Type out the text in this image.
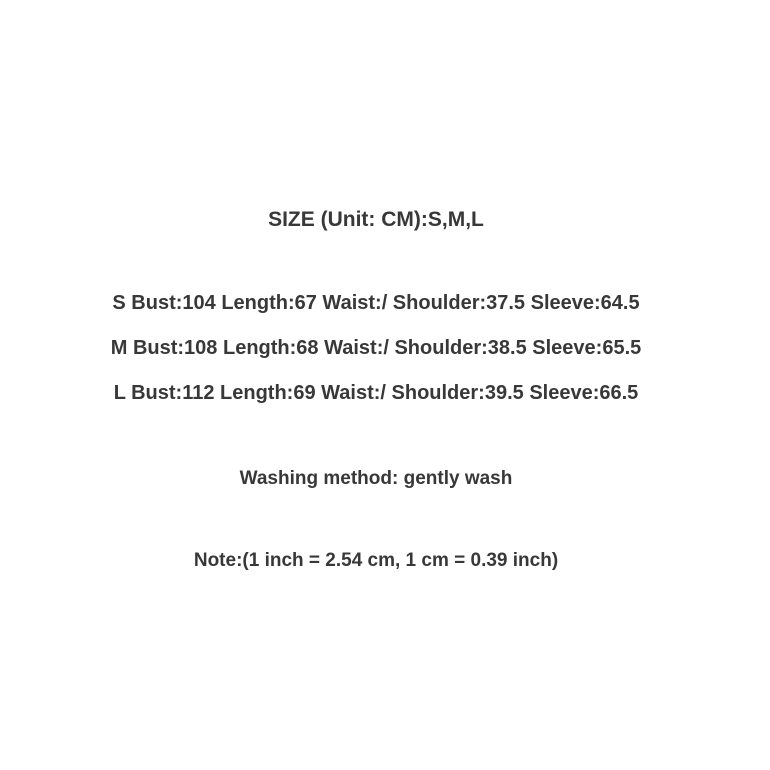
SIZE (Unit: CM):S,M,L
S Bust:104 Length:67 Waist:/ Shoulder:37.5 Sleeve:64.5
M Bust:108 Length:68 Waist:/ Shoulder:38.5 Sleeve:65.5
L Bust:112 Length:69 Waist:/ Shoulder:39.5 Sleeve:66.5
Washing method: gently wash
Note:(1 inch = 2.54 cm, 1 cm = 0.39 inch)
